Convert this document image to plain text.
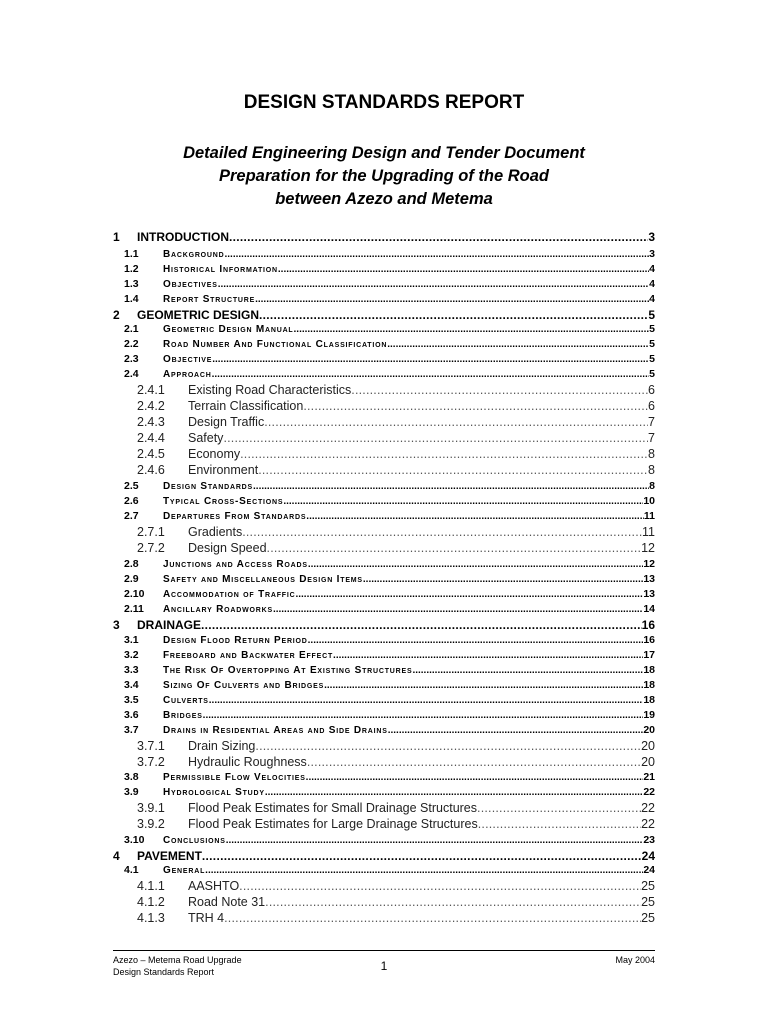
DESIGN STANDARDS REPORT
Detailed Engineering Design and Tender Document
Preparation for the Upgrading of the Road
between Azezo and Metema
1	INTRODUCTION .....	3
1.1	Background .....	3
1.2	Historical Information .....	4
1.3	Objectives .....	4
1.4	Report Structure .....	4
2	GEOMETRIC DESIGN .....	5
2.1	Geometric Design Manual .....	5
2.2	Road Number And Functional Classification .....	5
2.3	Objective .....	5
2.4	Approach .....	5
2.4.1	Existing Road Characteristics .....	6
2.4.2	Terrain Classification .....	6
2.4.3	Design Traffic .....	7
2.4.4	Safety .....	7
2.4.5	Economy .....	8
2.4.6	Environment .....	8
2.5	Design Standards .....	8
2.6	Typical Cross-Sections .....	10
2.7	Departures From Standards .....	11
2.7.1	Gradients .....	11
2.7.2	Design Speed .....	12
2.8	Junctions and Access Roads .....	12
2.9	Safety and Miscellaneous Design Items .....	13
2.10	Accommodation of Traffic .....	13
2.11	Ancillary Roadworks .....	14
3	DRAINAGE .....	16
3.1	Design Flood Return Period .....	16
3.2	Freeboard and Backwater Effect .....	17
3.3	The Risk Of Overtopping At Existing Structures .....	18
3.4	Sizing Of Culverts and Bridges .....	18
3.5	Culverts .....	18
3.6	Bridges .....	19
3.7	Drains in Residential Areas and Side Drains .....	20
3.7.1	Drain Sizing .....	20
3.7.2	Hydraulic Roughness .....	20
3.8	Permissible Flow Velocities .....	21
3.9	Hydrological Study .....	22
3.9.1	Flood Peak Estimates for Small Drainage Structures .....	22
3.9.2	Flood Peak Estimates for Large Drainage Structures .....	22
3.10	Conclusions .....	23
4	PAVEMENT .....	24
4.1	General .....	24
4.1.1	AASHTO .....	25
4.1.2	Road Note 31 .....	25
4.1.3	TRH 4 .....	25
Azezo – Metema Road Upgrade
Design Standards Report	1	May 2004
